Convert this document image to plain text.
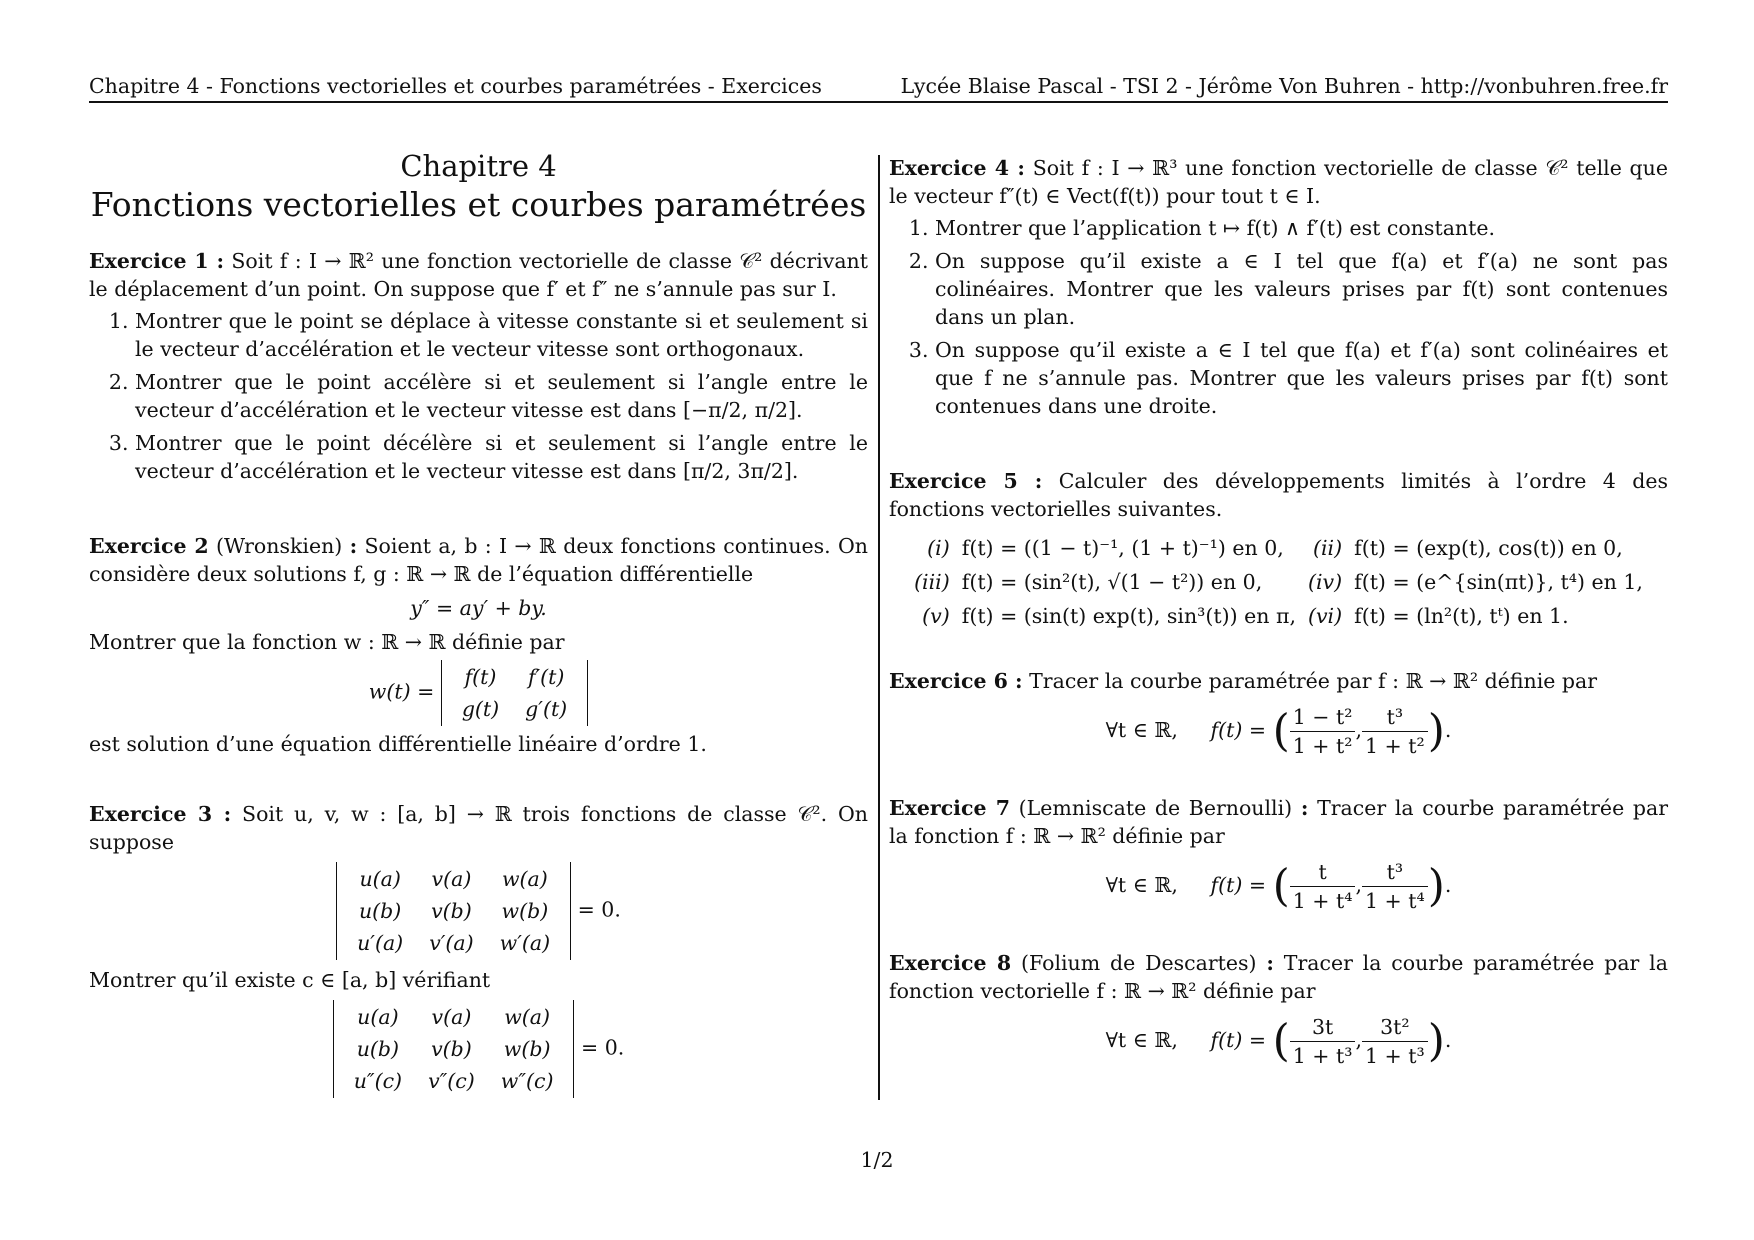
Chapitre 4 - Fonctions vectorielles et courbes paramétrées - Exercices	Lycée Blaise Pascal - TSI 2 - Jérôme Von Buhren - http://vonbuhren.free.fr
Chapitre 4
Fonctions vectorielles et courbes paramétrées

Exercice 1 : Soit f : I → ℝ² une fonction vectorielle de classe 𝒞² décrivant le déplacement d’un point. On suppose que f′ et f″ ne s’annule pas sur I.

1. Montrer que le point se déplace à vitesse constante si et seulement si le vecteur d’accélération et le vecteur vitesse sont orthogonaux.
2. Montrer que le point accélère si et seulement si l’angle entre le vecteur d’accélération et le vecteur vitesse est dans [−π/2, π/2].
3. Montrer que le point décélère si et seulement si l’angle entre le vecteur d’accélération et le vecteur vitesse est dans [π/2, 3π/2].

Exercice 2 (Wronskien) : Soient a, b : I → ℝ deux fonctions continues. On considère deux solutions f, g : ℝ → ℝ de l’équation différentielle

y″ = ay′ + by.

Montrer que la fonction w : ℝ → ℝ définie par

w(t) = f(t)	f′(t)
g(t)	g′(t)

est solution d’une équation différentielle linéaire d’ordre 1.

Exercice 3 : Soit u, v, w : [a, b] → ℝ trois fonctions de classe 𝒞². On suppose

u(a)	v(a)	w(a)
u(b)	v(b)	w(b)
u′(a)	v′(a)	w′(a) = 0.

Montrer qu’il existe c ∈ [a, b] vérifiant

u(a)	v(a)	w(a)
u(b)	v(b)	w(b)
u″(c)	v″(c)	w″(c) = 0.

Exercice 4 : Soit f : I → ℝ³ une fonction vectorielle de classe 𝒞² telle que le vecteur f″(t) ∈ Vect(f(t)) pour tout t ∈ I.

1. Montrer que l’application t ↦ f(t) ∧ f′(t) est constante.
2. On suppose qu’il existe a ∈ I tel que f(a) et f′(a) ne sont pas colinéaires. Montrer que les valeurs prises par f(t) sont contenues dans un plan.
3. On suppose qu’il existe a ∈ I tel que f(a) et f′(a) sont colinéaires et que f ne s’annule pas. Montrer que les valeurs prises par f(t) sont contenues dans une droite.

Exercice 5 : Calculer des développements limités à l’ordre 4 des fonctions vectorielles suivantes.

(i)	f(t) = ((1 − t)⁻¹, (1 + t)⁻¹) en 0,	(ii)	f(t) = (exp(t), cos(t)) en 0,
(iii)	f(t) = (sin²(t), √(1 − t²)) en 0,	(iv)	f(t) = (e^{sin(πt)}, t⁴) en 1,
(v)	f(t) = (sin(t) exp(t), sin³(t)) en π,	(vi)	f(t) = (ln²(t), tᵗ) en 1.

Exercice 6 : Tracer la courbe paramétrée par f : ℝ → ℝ² définie par

∀t ∈ ℝ, f(t) = ( $\frac{\text{1 − t²}}{\text{1 + t²}}$ , $\frac{\text{t³}}{\text{1 + t²}}$ ).

Exercice 7 (Lemniscate de Bernoulli) : Tracer la courbe paramétrée par la fonction f : ℝ → ℝ² définie par

∀t ∈ ℝ, f(t) = ( $\frac{t}{\text{1 + t⁴}}$ , $\frac{\text{t³}}{\text{1 + t⁴}}$ ).

Exercice 8 (Folium de Descartes) : Tracer la courbe paramétrée par la fonction vectorielle f : ℝ → ℝ² définie par

∀t ∈ ℝ, f(t) = ( $\frac{3t}{\text{1 + t³}}$ , $\frac{\text{3t²}}{\text{1 + t³}}$ ).
1/2
